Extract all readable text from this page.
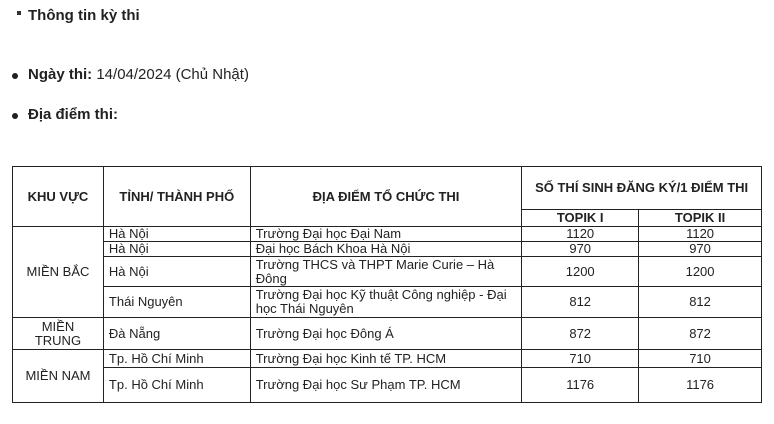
Thông tin kỳ thi
Ngày thi: 14/04/2024 (Chủ Nhật)
Địa điểm thi:
KHU VỰC	TỈNH/ THÀNH PHỐ	ĐỊA ĐIỂM TỔ CHỨC THI	SỐ THÍ SINH ĐĂNG KÝ/1 ĐIỂM THI	
			TOPIK I	TOPIK II
MIỀN BẮC	Hà Nội	Trường Đại học Đại Nam	1120	1120
	Hà Nội	Đại học Bách Khoa Hà Nội	970	970
	Hà Nội	Trường THCS và THPT Marie Curie – Hà Đông	1200	1200
	Thái Nguyên	Trường Đại học Kỹ thuật Công nghiệp - Đại học Thái Nguyên	812	812
MIỀN TRUNG	Đà Nẵng	Trường Đại học Đông Á	872	872
MIỀN NAM	Tp. Hồ Chí Minh	Trường Đại học Kinh tế TP. HCM	710	710
	Tp. Hồ Chí Minh	Trường Đại học Sư Phạm TP. HCM	1176	1176
